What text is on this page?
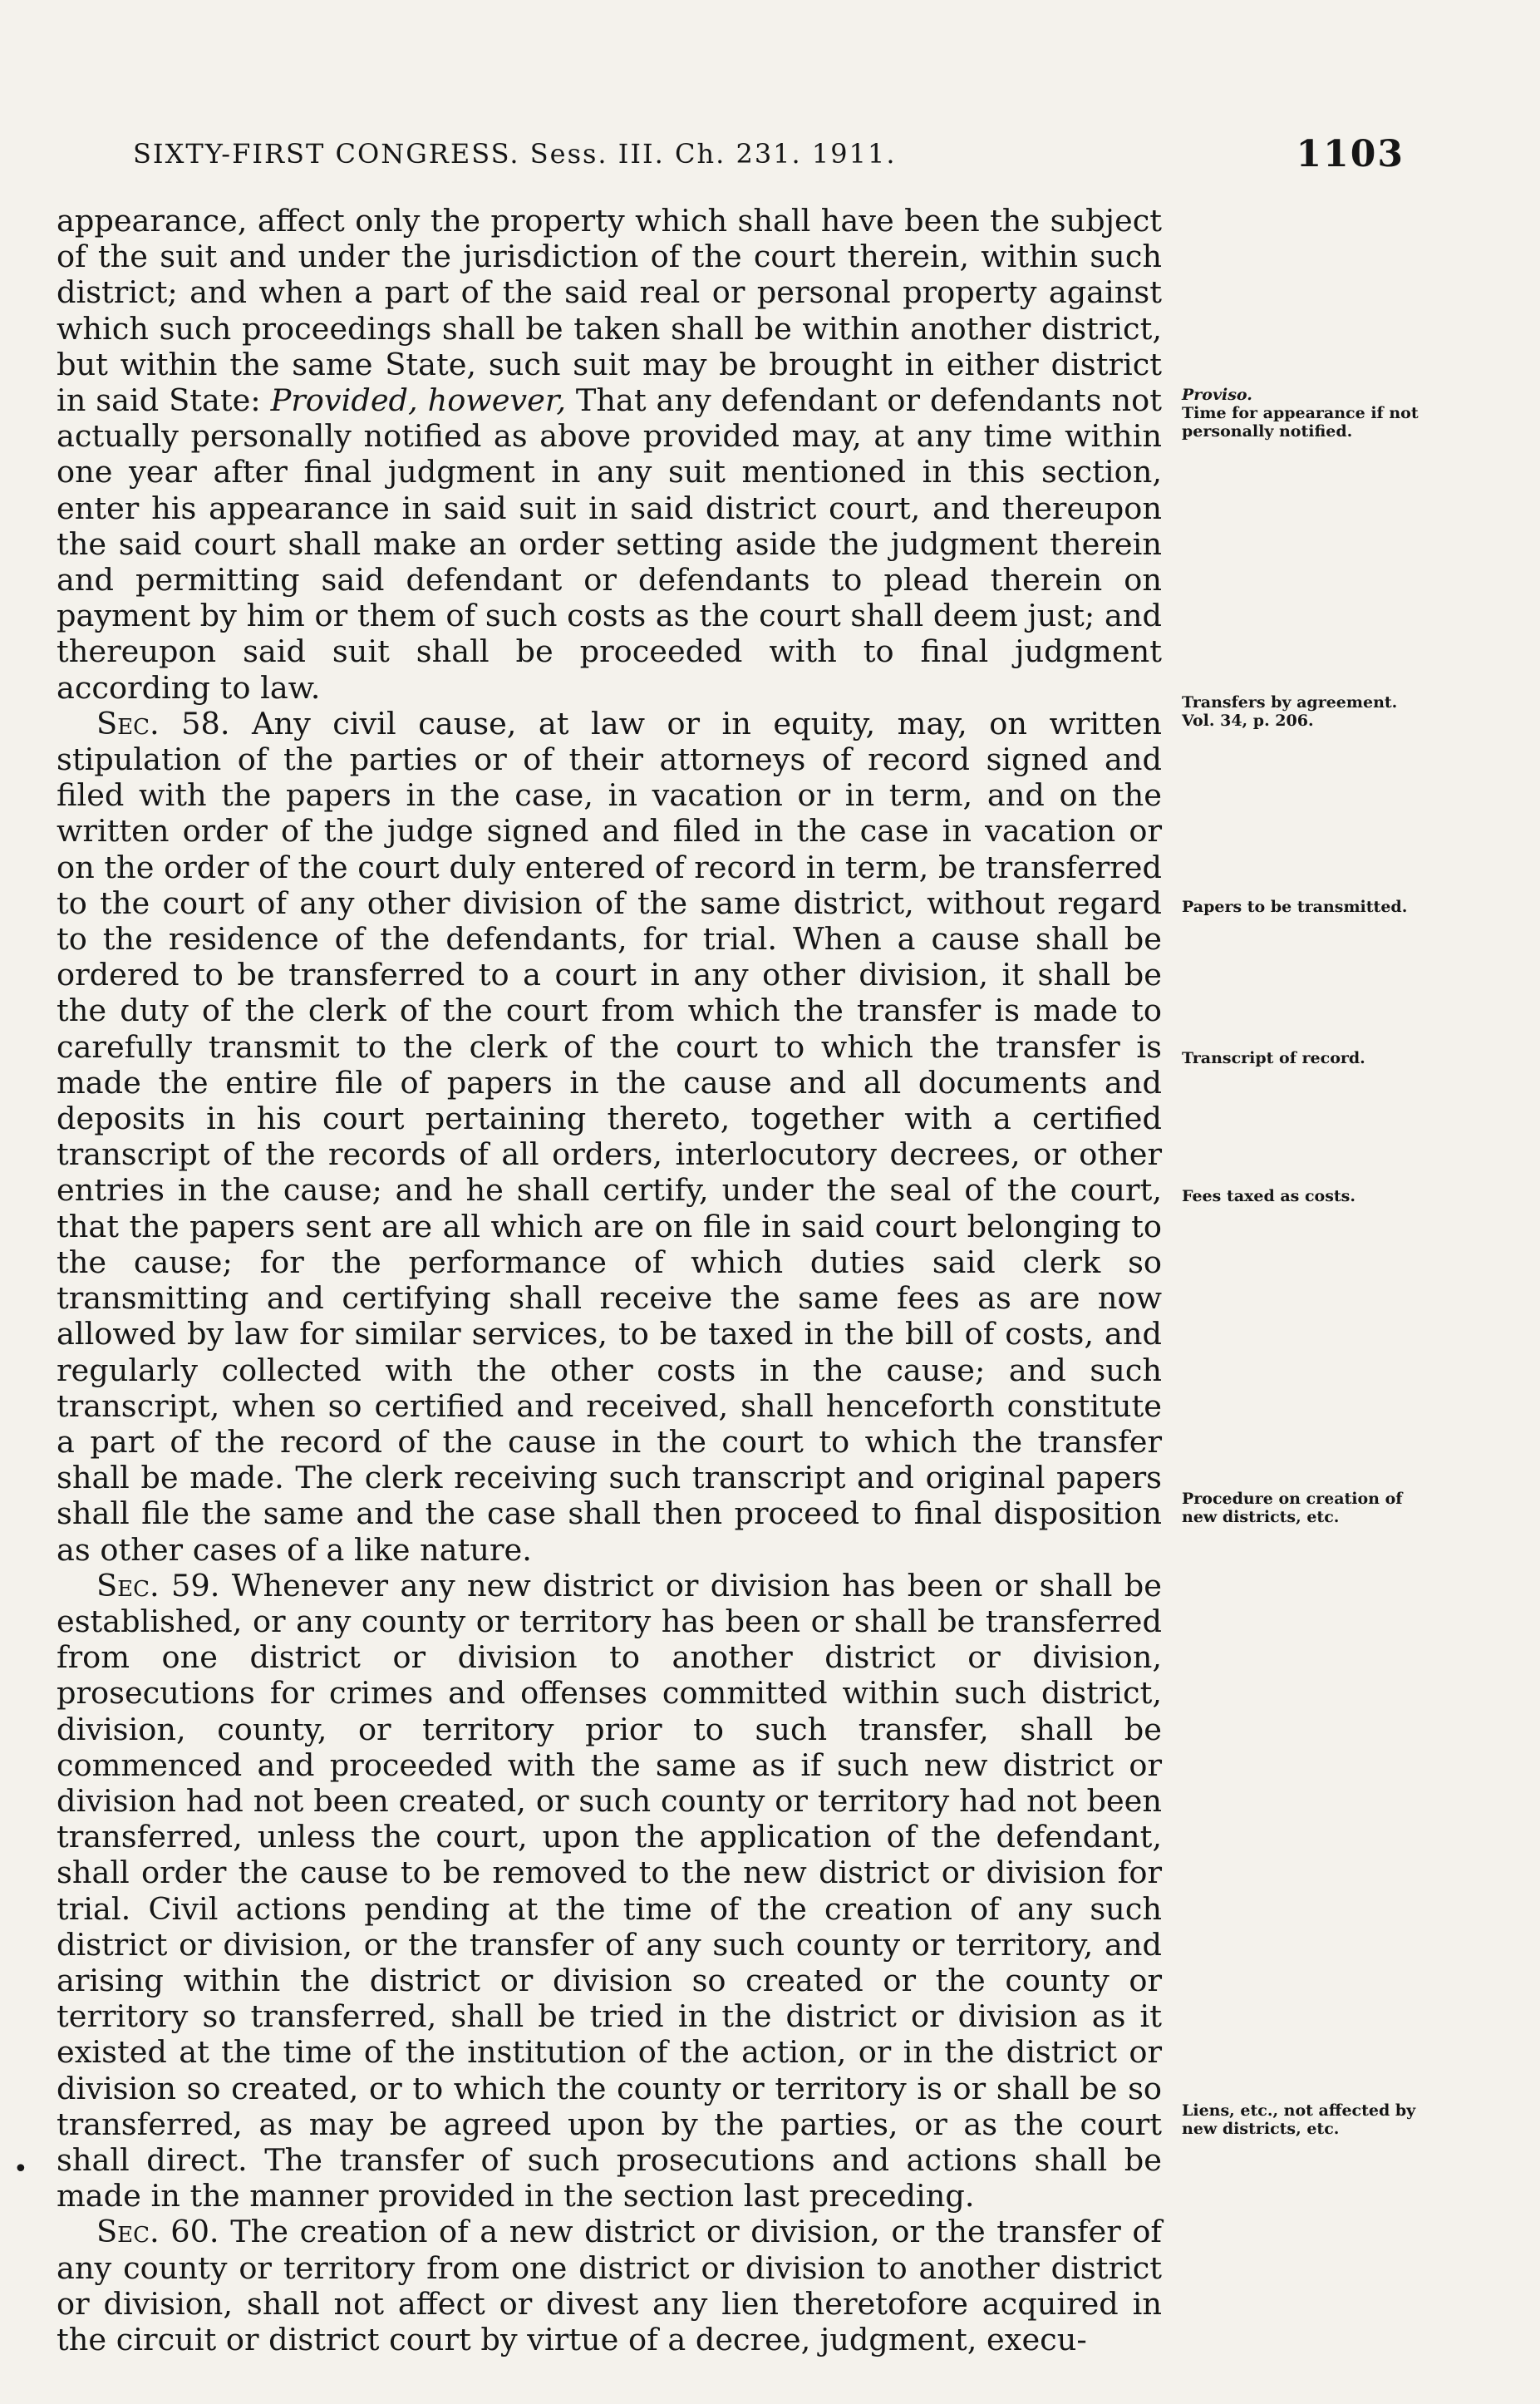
SIXTY-FIRST CONGRESS. Sess. III. Ch. 231. 1911.	1103

appearance, affect only the property which shall have been the subject of the suit and under the jurisdiction of the court therein, within such district; and when a part of the said real or personal property against which such proceedings shall be taken shall be within another district, but within the same State, such suit may be brought in either district in said State: Provided, however, That any defendant or defendants not actually personally notified as above provided may, at any time within one year after final judgment in any suit mentioned in this section, enter his appearance in said suit in said district court, and thereupon the said court shall make an order setting aside the judgment therein and permitting said defendant or defendants to plead therein on payment by him or them of such costs as the court shall deem just; and thereupon said suit shall be proceeded with to final judgment according to law.

Sec. 58. Any civil cause, at law or in equity, may, on written stipulation of the parties or of their attorneys of record signed and filed with the papers in the case, in vacation or in term, and on the written order of the judge signed and filed in the case in vacation or on the order of the court duly entered of record in term, be transferred to the court of any other division of the same district, without regard to the residence of the defendants, for trial. When a cause shall be ordered to be transferred to a court in any other division, it shall be the duty of the clerk of the court from which the transfer is made to carefully transmit to the clerk of the court to which the transfer is made the entire file of papers in the cause and all documents and deposits in his court pertaining thereto, together with a certified transcript of the records of all orders, interlocutory decrees, or other entries in the cause; and he shall certify, under the seal of the court, that the papers sent are all which are on file in said court belonging to the cause; for the performance of which duties said clerk so transmitting and certifying shall receive the same fees as are now allowed by law for similar services, to be taxed in the bill of costs, and regularly collected with the other costs in the cause; and such transcript, when so certified and received, shall henceforth constitute a part of the record of the cause in the court to which the transfer shall be made. The clerk receiving such transcript and original papers shall file the same and the case shall then proceed to final disposition as other cases of a like nature.

Sec. 59. Whenever any new district or division has been or shall be established, or any county or territory has been or shall be transferred from one district or division to another district or division, prosecutions for crimes and offenses committed within such district, division, county, or territory prior to such transfer, shall be commenced and proceeded with the same as if such new district or division had not been created, or such county or territory had not been transferred, unless the court, upon the application of the defendant, shall order the cause to be removed to the new district or division for trial. Civil actions pending at the time of the creation of any such district or division, or the transfer of any such county or territory, and arising within the district or division so created or the county or territory so transferred, shall be tried in the district or division as it existed at the time of the institution of the action, or in the district or division so created, or to which the county or territory is or shall be so transferred, as may be agreed upon by the parties, or as the court shall direct. The transfer of such prosecutions and actions shall be made in the manner provided in the section last preceding.

Sec. 60. The creation of a new district or division, or the transfer of any county or territory from one district or division to another district or division, shall not affect or divest any lien theretofore acquired in the circuit or district court by virtue of a decree, judgment, execu-

Proviso.
Time for appearance if not personally notified.
Transfers by agreement.
Vol. 34, p. 206.
Papers to be transmitted.
Transcript of record.
Fees taxed as costs.
Procedure on creation of new districts, etc.
Liens, etc., not affected by new districts, etc.
•
